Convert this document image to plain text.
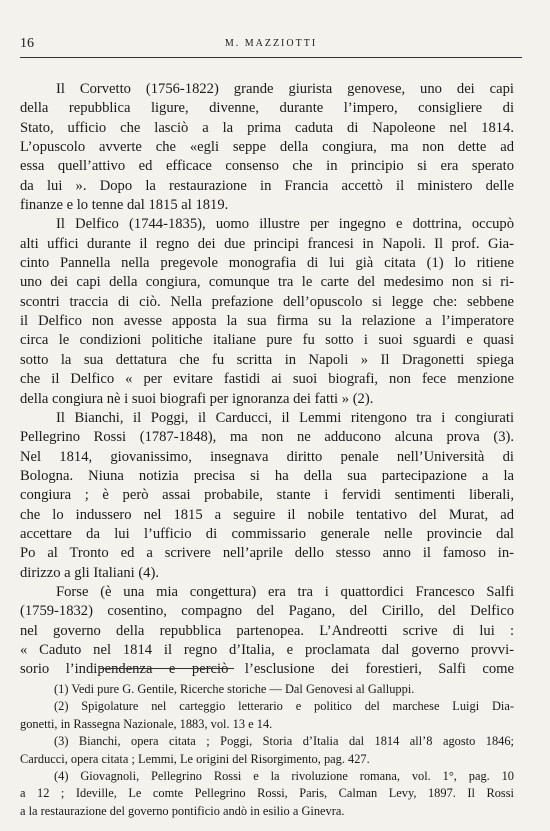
16	M. MAZZIOTTI
Il Corvetto (1756-1822) grande giurista genovese, uno dei capi
della repubblica ligure, divenne, durante l’impero, consigliere di
Stato, ufficio che lasciò a la prima caduta di Napoleone nel 1814.
L’opuscolo avverte che «egli seppe della congiura, ma non dette ad
essa quell’attivo ed efficace consenso che in principio si era sperato
da lui ». Dopo la restaurazione in Francia accettò il ministero delle
finanze e lo tenne dal 1815 al 1819.
Il Delfico (1744-1835), uomo illustre per ingegno e dottrina, occupò
alti uffici durante il regno dei due principi francesi in Napoli. Il prof. Gia-
cinto Pannella nella pregevole monografia di lui già citata (1) lo ritiene
uno dei capi della congiura, comunque tra le carte del medesimo non si ri-
scontri traccia di ciò. Nella prefazione dell’opuscolo si legge che: sebbene
il Delfico non avesse apposta la sua firma su la relazione a l’imperatore
circa le condizioni politiche italiane pure fu sotto i suoi sguardi e quasi
sotto la sua dettatura che fu scritta in Napoli » Il Dragonetti spiega
che il Delfico « per evitare fastidi ai suoi biografi, non fece menzione
della congiura nè i suoi biografi per ignoranza dei fatti » (2).
Il Bianchi, il Poggi, il Carducci, il Lemmi ritengono tra i congiurati
Pellegrino Rossi (1787-1848), ma non ne adducono alcuna prova (3).
Nel 1814, giovanissimo, insegnava diritto penale nell’Università di
Bologna. Niuna notizia precisa si ha della sua partecipazione a la
congiura ; è però assai probabile, stante i fervidi sentimenti liberali,
che lo indussero nel 1815 a seguire il nobile tentativo del Murat, ad
accettare da lui l’ufficio di commissario generale nelle provincie dal
Po al Tronto ed a scrivere nell’aprile dello stesso anno il famoso in-
dirizzo a gli Italiani (4).
Forse (è una mia congettura) era tra i quattordici Francesco Salfi
(1759-1832) cosentino, compagno del Pagano, del Cirillo, del Delfico
nel governo della repubblica partenopea. L’Andreotti scrive di lui :
« Caduto nel 1814 il regno d’Italia, e proclamata dal governo provvi-
sorio l’indipendenza e perciò l’esclusione dei forestieri, Salfi come
(1) Vedi pure G. Gentile, Ricerche storiche — Dal Genovesi al Galluppi.
(2) Spigolature nel carteggio letterario e politico del marchese Luigi Dia-
gonetti, in Rassegna Nazionale, 1883, vol. 13 e 14.
(3) Bianchi, opera citata ; Poggi, Storia d’Italia dal 1814 all’8 agosto 1846;
Carducci, opera citata ; Lemmi, Le origini del Risorgimento, pag. 427.
(4) Giovagnoli, Pellegrino Rossi e la rivoluzione romana, vol. 1°, pag. 10
a 12 ; Ideville, Le comte Pellegrino Rossi, Paris, Calman Levy, 1897. Il Rossi
a la restaurazione del governo pontificio andò in esilio a Ginevra.
